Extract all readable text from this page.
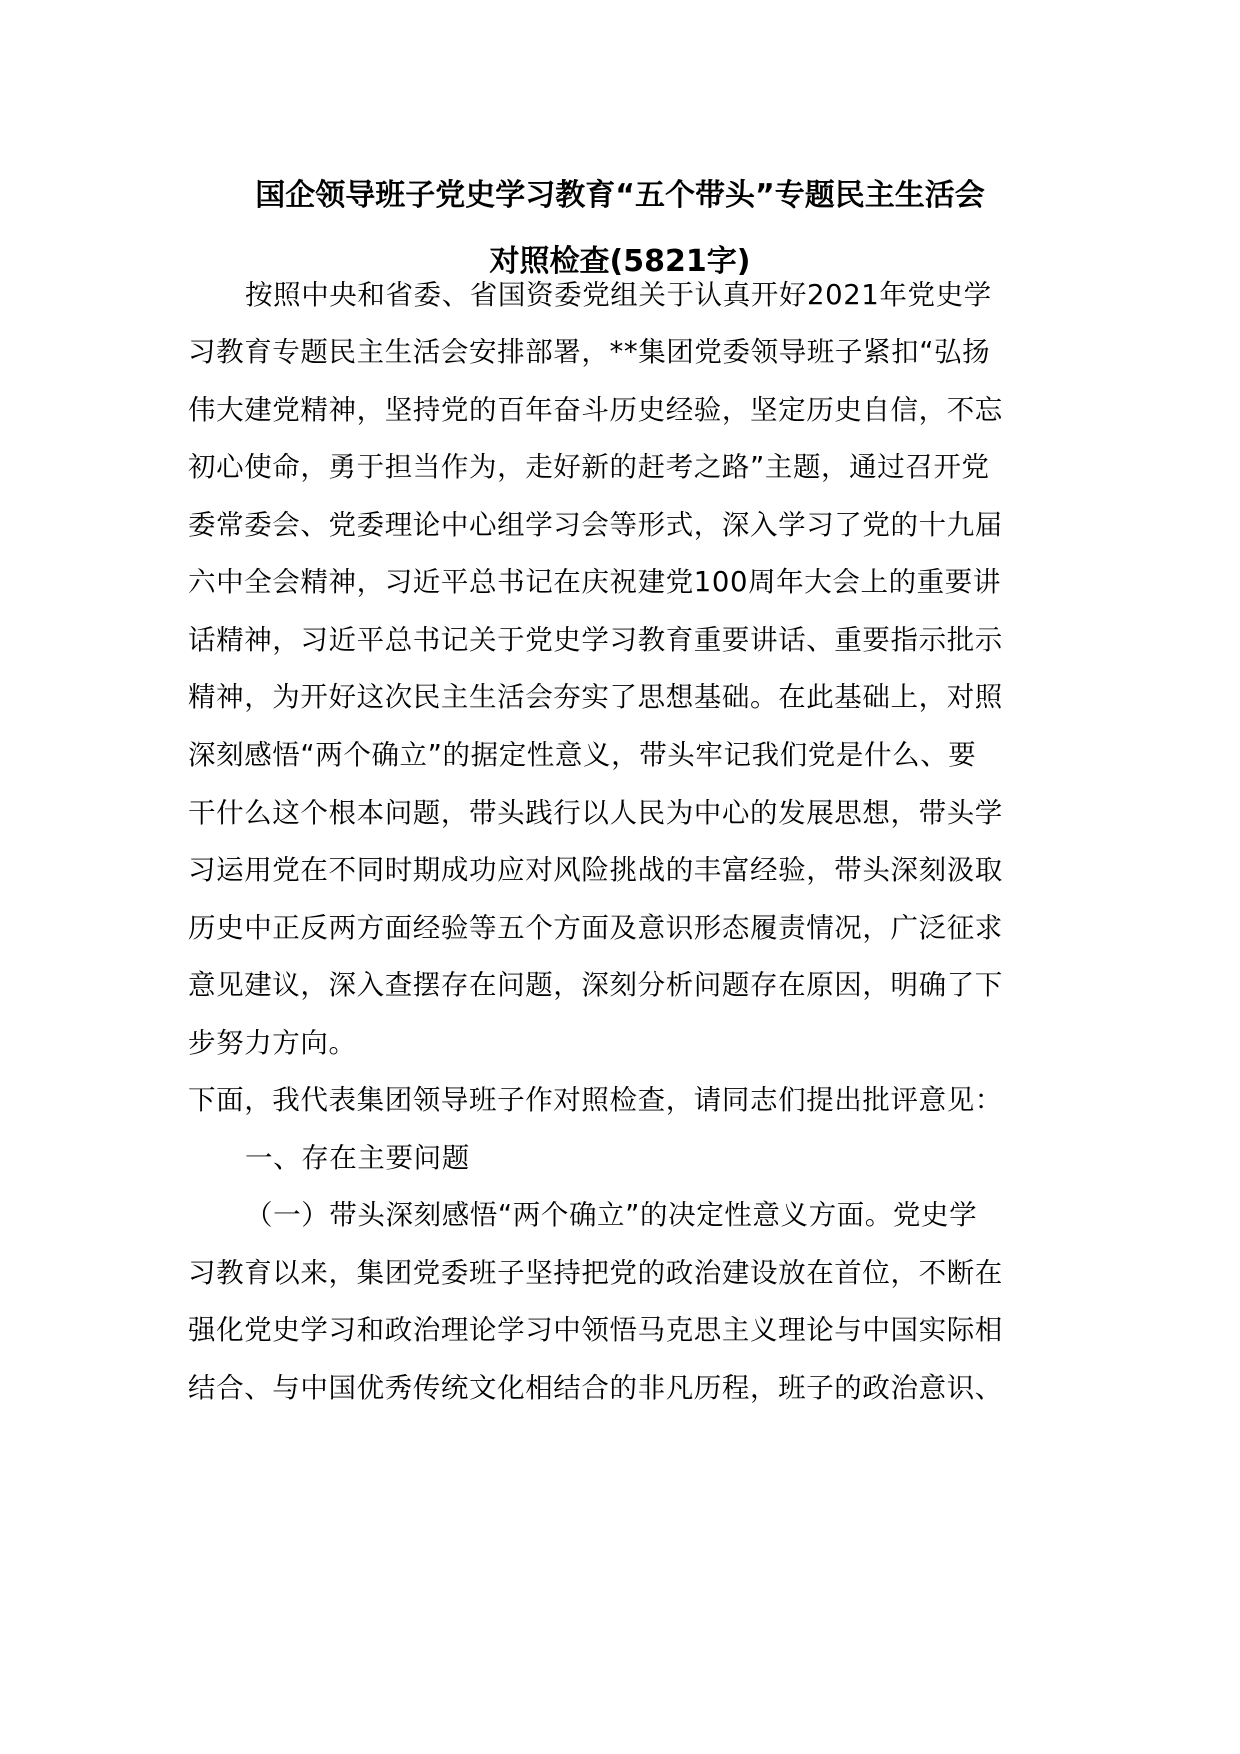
国企领导班子党史学习教育“五个带头”专题民主生活会
对照检查(5821字)

按照中央和省委、省国资委党组关于认真开好2021年党史学

习教育专题民主生活会安排部署，**集团党委领导班子紧扣“弘扬

伟大建党精神，坚持党的百年奋斗历史经验，坚定历史自信，不忘

初心使命，勇于担当作为，走好新的赶考之路”主题，通过召开党

委常委会、党委理论中心组学习会等形式，深入学习了党的十九届

六中全会精神，习近平总书记在庆祝建党100周年大会上的重要讲

话精神，习近平总书记关于党史学习教育重要讲话、重要指示批示

精神，为开好这次民主生活会夯实了思想基础。在此基础上，对照

深刻感悟“两个确立”的据定性意义，带头牢记我们党是什么、要

干什么这个根本问题，带头践行以人民为中心的发展思想，带头学

习运用党在不同时期成功应对风险挑战的丰富经验，带头深刻汲取

历史中正反两方面经验等五个方面及意识形态履责情况，广泛征求

意见建议，深入查摆存在问题，深刻分析问题存在原因，明确了下

步努力方向。

下面，我代表集团领导班子作对照检查，请同志们提出批评意见：

一、存在主要问题

（一）带头深刻感悟“两个确立”的决定性意义方面。党史学

习教育以来，集团党委班子坚持把党的政治建设放在首位，不断在

强化党史学习和政治理论学习中领悟马克思主义理论与中国实际相

结合、与中国优秀传统文化相结合的非凡历程，班子的政治意识、
